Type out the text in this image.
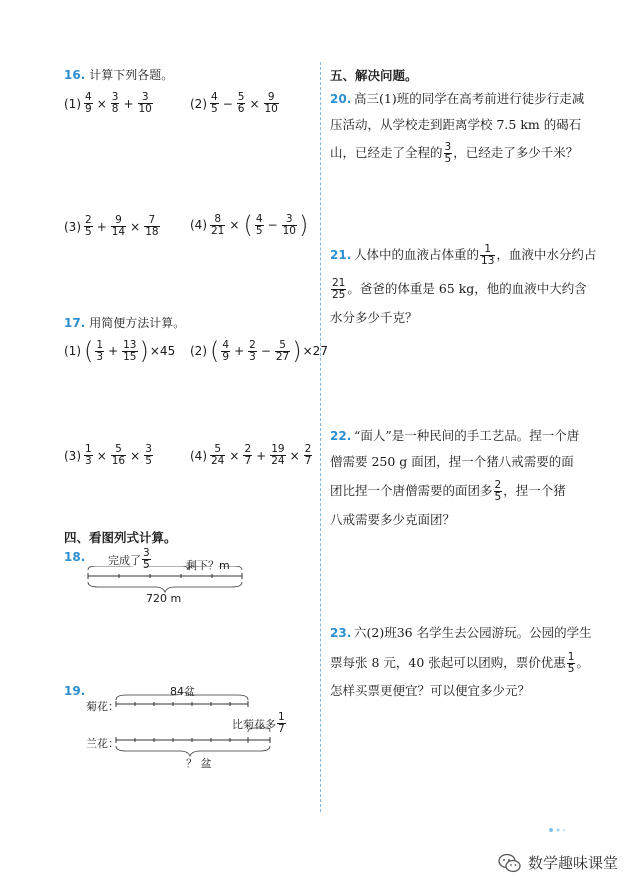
16. 计算下列各题。
$(1) \frac{4}{9} \times \frac{3}{8} + \frac{3}{10}$	$(2) \frac{4}{5} - \frac{5}{6} \times \frac{9}{10}$
$(3) \frac{2}{5} + \frac{9}{14} \times \frac{7}{18}$	$(4) \frac{8}{21}$ × ( $\frac{4}{5} - \frac{3}{10}$ )
17. 用简便方法计算。
(1) ( $\frac{1}{3} + \frac{13}{15}$ ) ×45 (2) ( $\frac{4}{9} + \frac{2}{3} - \frac{5}{27}$ ) ×27
$(3) \frac{1}{3} \times \frac{5}{16} \times \frac{3}{5}$	$(4) \frac{5}{24} \times \frac{2}{7} + \frac{19}{24} \times \frac{2}{7}$
四、看图列式计算。
18. 完成了 $\frac{3}{5}$	剩下？m
720 m
19.	84盆
菊花：
兰花：
比菊花多 $\frac{1}{7}$
？ 盆
五、解决问题。
20. 高三(1)班的同学在高考前进行徒步行走减
压活动，从学校走到距离学校 7.5 km 的碣石
山，已经走了全程的 $\frac{3}{5}$ ，已经走了多少千米？
21. 人体中的血液占体重的 $\frac{1}{13}$ ，血液中水分约占
$\frac{21}{25}$ 。爸爸的体重是 65 kg，他的血液中大约含
水分多少千克？
22. “面人”是一种民间的手工艺品。捏一个唐
僧需要 250 g 面团，捏一个猪八戒需要的面
团比捏一个唐僧需要的面团多 $\frac{2}{5}$ ，捏一个猪
八戒需要多少克面团？
23. 六(2)班36 名学生去公园游玩。公园的学生
票每张 8 元，40 张起可以团购，票价优惠 $\frac{1}{5}$ 。
怎样买票更便宜？可以便宜多少元？
数学趣味课堂
